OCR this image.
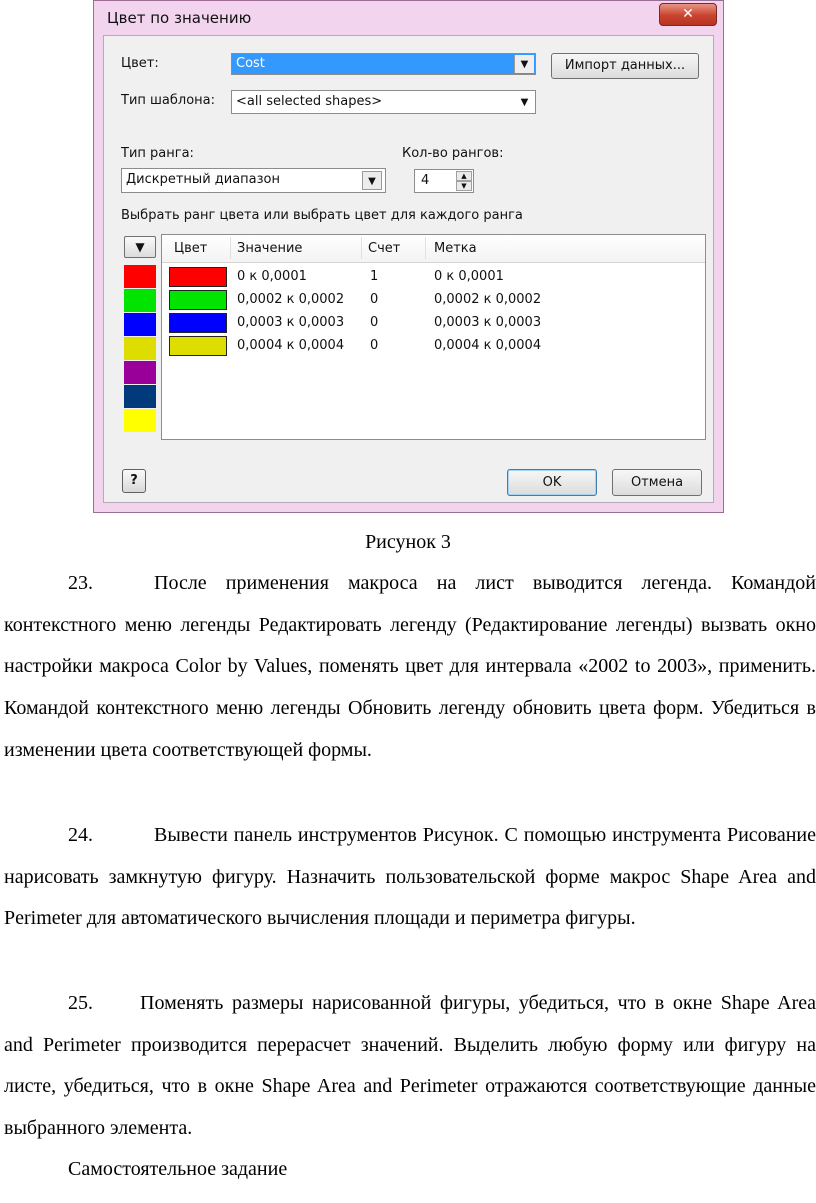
Цвет по значению	✕
Цвет:	Cost	▼	Импорт данных...
Тип шаблона: <all selected shapes>	▼
Тип ранга:
Дискретный диапазон	▼
Кол-во рангов:
4	▲
▼
Выбрать ранг цвета или выбрать цвет для каждого ранга
▼	Цвет Значение	Счет	Метка
0 к 0,0001	1	0 к 0,0001
0,0002 к 0,0002 0	0,0002 к 0,0002
0,0003 к 0,0003 0	0,0003 к 0,0003
0,0004 к 0,0004 0	0,0004 к 0,0004
?	OK	Отмена
Рисунок 3

23.	После применения макроса на лист выводится легенда. Командой контекстного меню легенды Редактировать легенду (Редактирование легенды) вызвать окно настройки макроса Color by Values, поменять цвет для интервала «2002 to 2003», применить. Командой контекстного меню легенды Обновить легенду обновить цвета форм. Убедиться в изменении цвета соответствующей формы.

24.	Вывести панель инструментов Рисунок. С помощью инструмента Рисование нарисовать замкнутую фигуру. Назначить пользовательской форме макрос Shape Area and Perimeter для автоматического вычисления площади и периметра фигуры.

25. Поменять размеры нарисованной фигуры, убедиться, что в окне Shape Area and Perimeter производится перерасчет значений. Выделить любую форму или фигуру на листе, убедиться, что в окне Shape Area and Perimeter отражаются соответствующие данные выбранного элемента.

Самостоятельное задание
